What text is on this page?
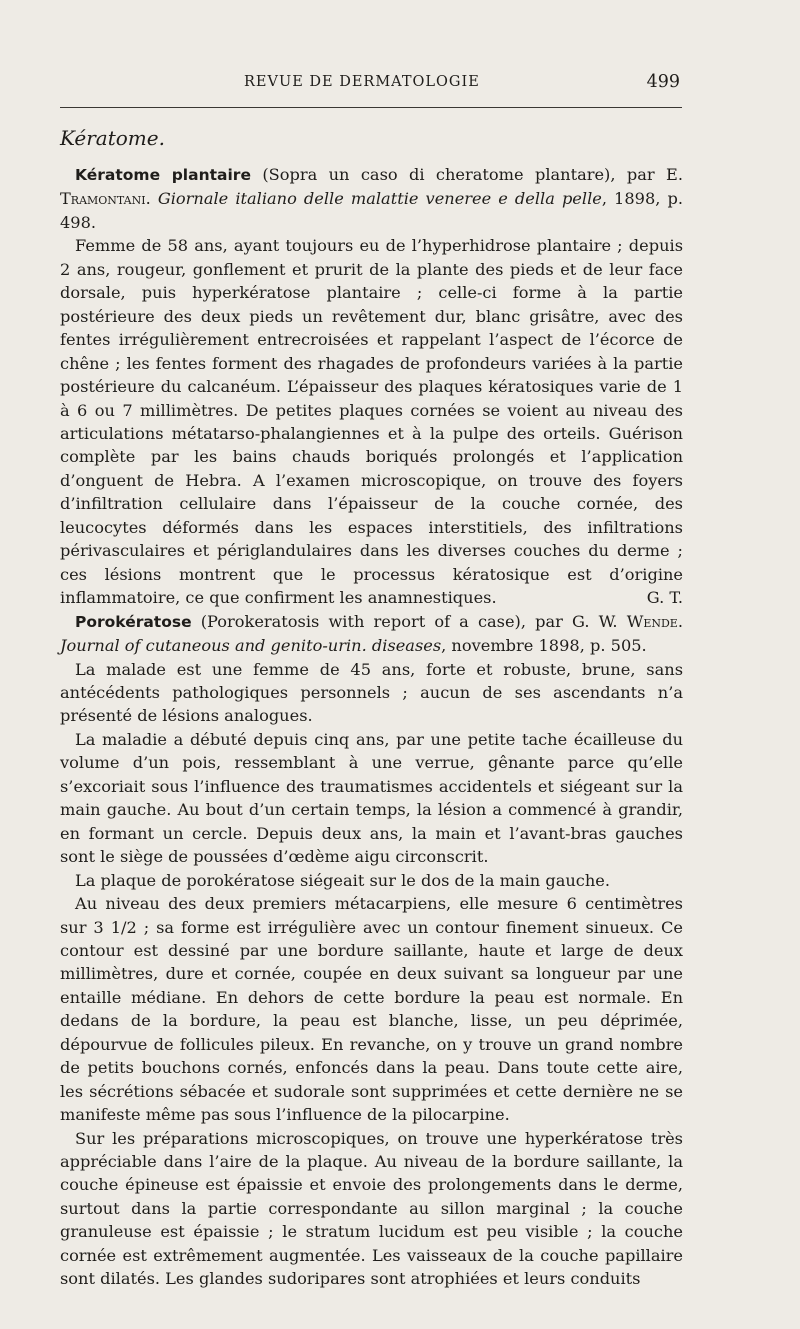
REVUE DE DERMATOLOGIE	499
Kératome.

Kératome plantaire (Sopra un caso di cheratome plantare), par E. Tramontani. Giornale italiano delle malattie veneree e della pelle, 1898, p. 498.

Femme de 58 ans, ayant toujours eu de l’hyperhidrose plantaire ; depuis 2 ans, rougeur, gonflement et prurit de la plante des pieds et de leur face dorsale, puis hyperkératose plantaire ; celle-ci forme à la partie postérieure des deux pieds un revêtement dur, blanc grisâtre, avec des fentes irrégulièrement entrecroisées et rappelant l’aspect de l’écorce de chêne ; les fentes forment des rhagades de profondeurs variées à la partie postérieure du calcanéum. L’épaisseur des plaques kératosiques varie de 1 à 6 ou 7 millimètres. De petites plaques cornées se voient au niveau des articulations métatarso-phalangiennes et à la pulpe des orteils. Guérison complète par les bains chauds boriqués prolongés et l’application d’onguent de Hebra. A l’examen microscopique, on trouve des foyers d’infiltration cellulaire dans l’épaisseur de la couche cornée, des leucocytes déformés dans les espaces interstitiels, des infiltrations périvasculaires et périglandulaires dans les diverses couches du derme ; ces lésions montrent que le processus kératosique est d’origine inflammatoire, ce que confirment les anamnestiques.	G. T.

Porokératose (Porokeratosis with report of a case), par G. W. Wende. Journal of cutaneous and genito-urin. diseases, novembre 1898, p. 505.

La malade est une femme de 45 ans, forte et robuste, brune, sans antécédents pathologiques personnels ; aucun de ses ascendants n’a présenté de lésions analogues.

La maladie a débuté depuis cinq ans, par une petite tache écailleuse du volume d’un pois, ressemblant à une verrue, gênante parce qu’elle s’excoriait sous l’influence des traumatismes accidentels et siégeant sur la main gauche. Au bout d’un certain temps, la lésion a commencé à grandir, en formant un cercle. Depuis deux ans, la main et l’avant-bras gauches sont le siège de poussées d’œdème aigu circonscrit.

La plaque de porokératose siégeait sur le dos de la main gauche.

Au niveau des deux premiers métacarpiens, elle mesure 6 centimètres sur 3 1/2 ; sa forme est irrégulière avec un contour finement sinueux. Ce contour est dessiné par une bordure saillante, haute et large de deux millimètres, dure et cornée, coupée en deux suivant sa longueur par une entaille médiane. En dehors de cette bordure la peau est normale. En dedans de la bordure, la peau est blanche, lisse, un peu déprimée, dépourvue de follicules pileux. En revanche, on y trouve un grand nombre de petits bouchons cornés, enfoncés dans la peau. Dans toute cette aire, les sécrétions sébacée et sudorale sont supprimées et cette dernière ne se manifeste même pas sous l’influence de la pilocarpine.

Sur les préparations microscopiques, on trouve une hyperkératose très appréciable dans l’aire de la plaque. Au niveau de la bordure saillante, la couche épineuse est épaissie et envoie des prolongements dans le derme, surtout dans la partie correspondante au sillon marginal ; la couche granuleuse est épaissie ; le stratum lucidum est peu visible ; la couche cornée est extrêmement augmentée. Les vaisseaux de la couche papillaire sont dilatés. Les glandes sudoripares sont atrophiées et leurs conduits
